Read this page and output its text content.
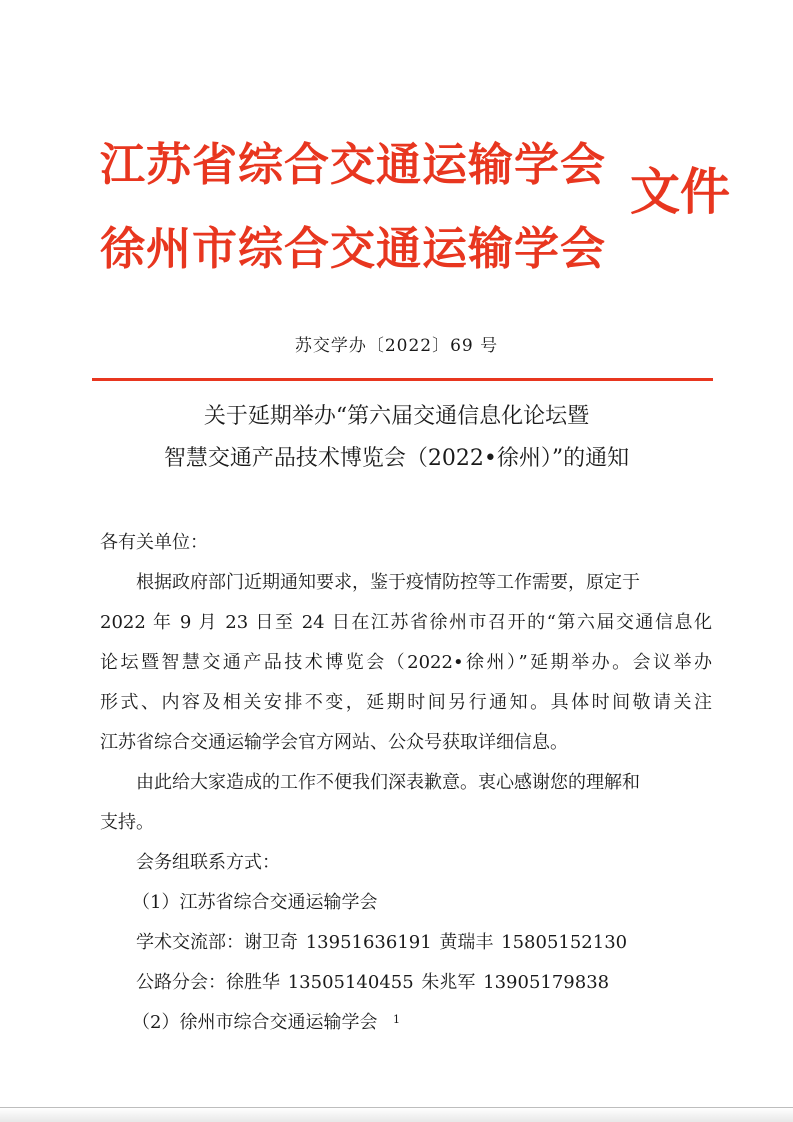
江苏省综合交通运输学会
徐州市综合交通运输学会
文件
苏交学办〔2022〕69 号
关于延期举办“第六届交通信息化论坛暨
智慧交通产品技术博览会（2022•徐州）”的通知
各有关单位：
根据政府部门近期通知要求，鉴于疫情防控等工作需要，原定于
2022 年 9 月 23 日至 24 日在江苏省徐州市召开的“第六届交通信息化
论坛暨智慧交通产品技术博览会（2022•徐州）”延期举办。会议举办
形式、内容及相关安排不变，延期时间另行通知。具体时间敬请关注
江苏省综合交通运输学会官方网站、公众号获取详细信息。
由此给大家造成的工作不便我们深表歉意。衷心感谢您的理解和
支持。
会务组联系方式：
（1）江苏省综合交通运输学会
学术交流部：谢卫奇 13951636191 黄瑞丰 15805152130
公路分会：徐胜华 13505140455 朱兆军 13905179838
（2）徐州市综合交通运输学会	1
